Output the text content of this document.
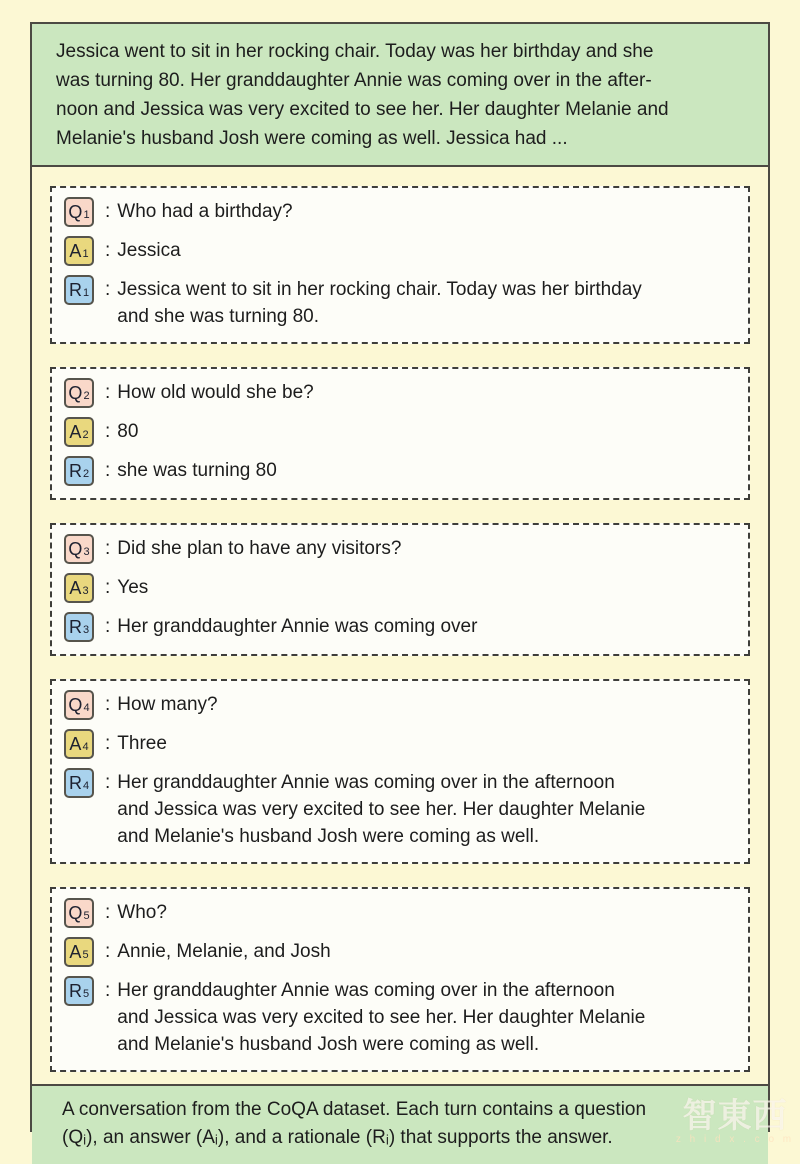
Jessica went to sit in her rocking chair. Today was her birthday and she
was turning 80. Her granddaughter Annie was coming over in the after-
noon and Jessica was very excited to see her. Her daughter Melanie and
Melanie's husband Josh were coming as well. Jessica had ...
Q 1 : Who had a birthday?
A 1 : Jessica
R 1 : Jessica went to sit in her rocking chair. Today was her birthday
and she was turning 80.
Q 2 : How old would she be?
A 2 : 80
R 2 : she was turning 80
Q 3 : Did she plan to have any visitors?
A 3 : Yes
R 3 : Her granddaughter Annie was coming over
Q 4 : How many?
A 4 : Three
R 4 : Her granddaughter Annie was coming over in the afternoon
and Jessica was very excited to see her. Her daughter Melanie
and Melanie's husband Josh were coming as well.
Q 5 : Who?
A 5 : Annie, Melanie, and Josh
R 5 : Her granddaughter Annie was coming over in the afternoon
and Jessica was very excited to see her. Her daughter Melanie
and Melanie's husband Josh were coming as well.
A conversation from the CoQA dataset. Each turn contains a question
(Qᵢ), an answer (Aᵢ), and a rationale (Rᵢ) that supports the answer.
智東西
z h i d x . c o m
